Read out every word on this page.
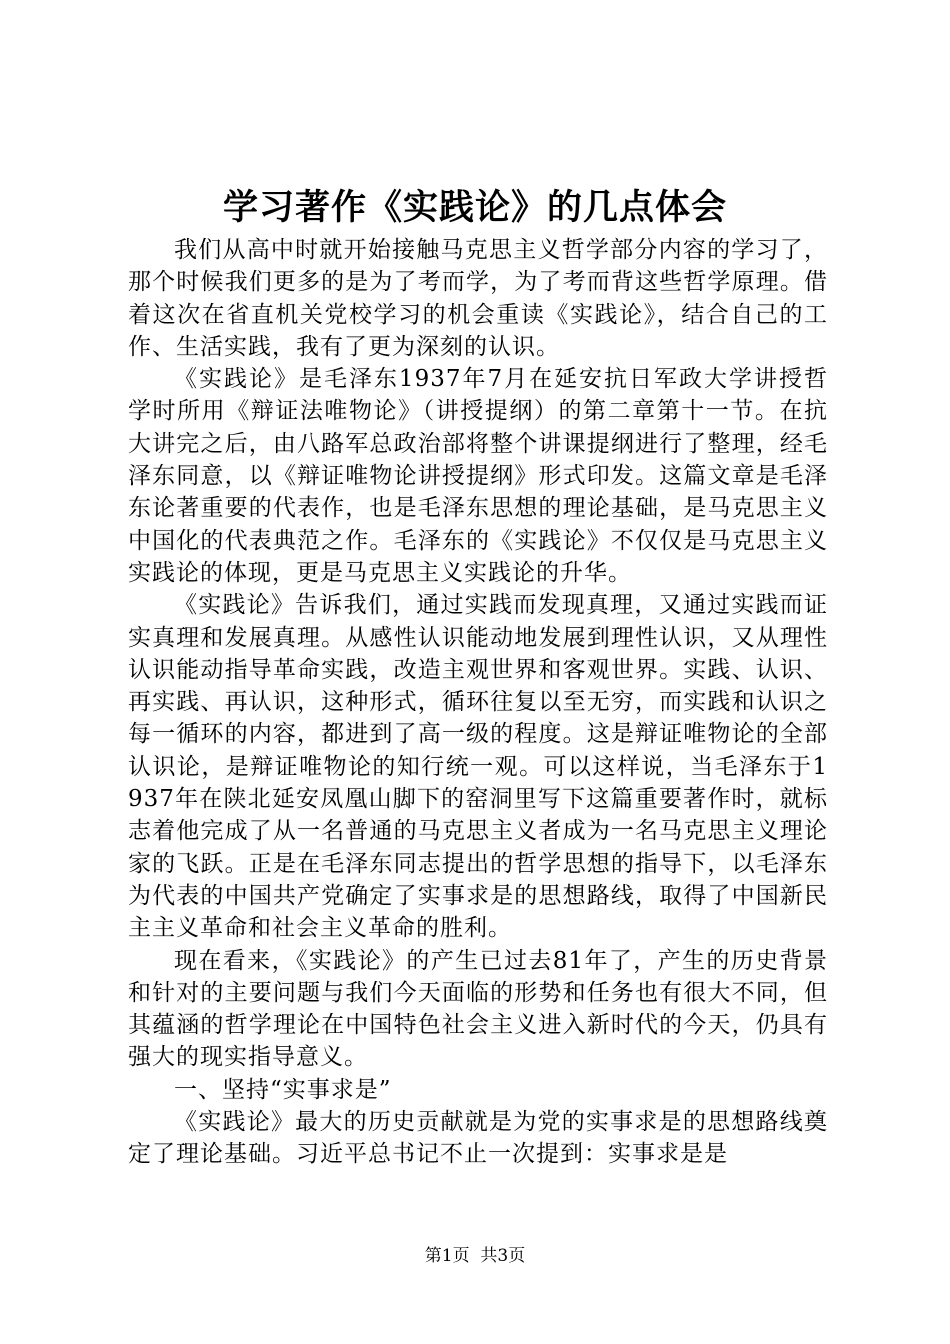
学习著作《实践论》的几点体会

我们从高中时就开始接触马克思主义哲学部分内容的学习了，那个时候我们更多的是为了考而学，为了考而背这些哲学原理。借着这次在省直机关党校学习的机会重读《实践论》，结合自己的工作、生活实践，我有了更为深刻的认识。

《实践论》是毛泽东1937年7月在延安抗日军政大学讲授哲学时所用《辩证法唯物论》（讲授提纲）的第二章第十一节。在抗大讲完之后，由八路军总政治部将整个讲课提纲进行了整理，经毛泽东同意，以《辩证唯物论讲授提纲》形式印发。这篇文章是毛泽东论著重要的代表作，也是毛泽东思想的理论基础，是马克思主义中国化的代表典范之作。毛泽东的《实践论》不仅仅是马克思主义实践论的体现，更是马克思主义实践论的升华。

《实践论》告诉我们，通过实践而发现真理，又通过实践而证实真理和发展真理。从感性认识能动地发展到理性认识，又从理性认识能动指导革命实践，改造主观世界和客观世界。实践、认识、再实践、再认识，这种形式，循环往复以至无穷，而实践和认识之每一循环的内容，都进到了高一级的程度。这是辩证唯物论的全部认识论，是辩证唯物论的知行统一观。可以这样说，当毛泽东于1937年在陕北延安凤凰山脚下的窑洞里写下这篇重要著作时，就标志着他完成了从一名普通的马克思主义者成为一名马克思主义理论家的飞跃。正是在毛泽东同志提出的哲学思想的指导下，以毛泽东为代表的中国共产党确定了实事求是的思想路线，取得了中国新民主主义革命和社会主义革命的胜利。

现在看来，《实践论》的产生已过去81年了，产生的历史背景和针对的主要问题与我们今天面临的形势和任务也有很大不同，但其蕴涵的哲学理论在中国特色社会主义进入新时代的今天，仍具有强大的现实指导意义。

一、坚持“实事求是”

《实践论》最大的历史贡献就是为党的实事求是的思想路线奠定了理论基础。习近平总书记不止一次提到：实事求是是

第1页 共3页
